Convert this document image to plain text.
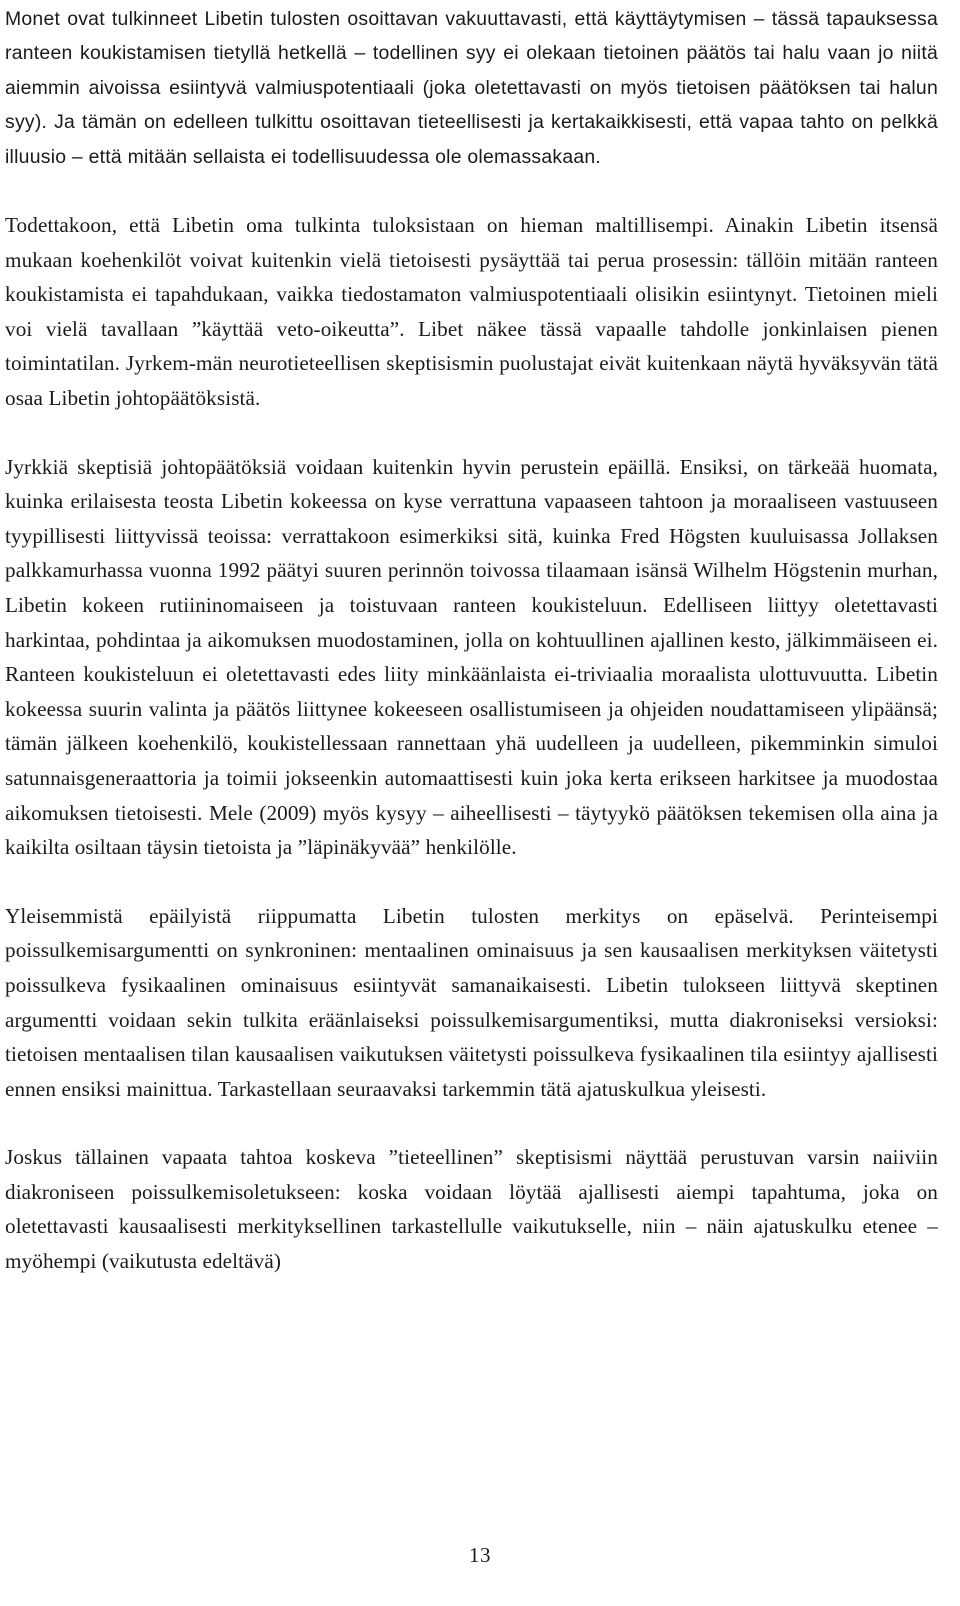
Monet ovat tulkinneet Libetin tulosten osoittavan vakuuttavasti, että käyttäytymisen – tässä tapauksessa ranteen koukistamisen tietyllä hetkellä – todellinen syy ei olekaan tietoinen päätös tai halu vaan jo niitä aiemmin aivoissa esiintyvä valmiuspotentiaali (joka oletettavasti on myös tietoisen päätöksen tai halun syy). Ja tämän on edelleen tulkittu osoittavan tieteellisesti ja kertakaikkisesti, että vapaa tahto on pelkkä illuusio – että mitään sellaista ei todellisuudessa ole olemassakaan.

Todettakoon, että Libetin oma tulkinta tuloksistaan on hieman maltillisempi. Ainakin Libetin itsensä mukaan koehenkilöt voivat kuitenkin vielä tietoisesti pysäyttää tai perua prosessin: tällöin mitään ranteen koukistamista ei tapahdukaan, vaikka tiedostamaton valmiuspotentiaali olisikin esiintynyt. Tietoinen mieli voi vielä tavallaan ”käyttää veto-oikeutta”. Libet näkee tässä vapaalle tahdolle jonkinlaisen pienen toimintatilan. Jyrkem-män neurotieteellisen skeptisismin puolustajat eivät kuitenkaan näytä hyväksyvän tätä osaa Libetin johtopäätöksistä.

Jyrkkiä skeptisiä johtopäätöksiä voidaan kuitenkin hyvin perustein epäillä. Ensiksi, on tärkeää huomata, kuinka erilaisesta teosta Libetin kokeessa on kyse verrattuna vapaaseen tahtoon ja moraaliseen vastuuseen tyypillisesti liittyvissä teoissa: verrattakoon esimerkiksi sitä, kuinka Fred Högsten kuuluisassa Jollaksen palkkamurhassa vuonna 1992 päätyi suuren perinnön toivossa tilaamaan isänsä Wilhelm Högstenin murhan, Libetin kokeen rutiininomaiseen ja toistuvaan ranteen koukisteluun. Edelliseen liittyy oletettavasti harkintaa, pohdintaa ja aikomuksen muodostaminen, jolla on kohtuullinen ajallinen kesto, jälkimmäiseen ei. Ranteen koukisteluun ei oletettavasti edes liity minkäänlaista ei-triviaalia moraalista ulottuvuutta. Libetin kokeessa suurin valinta ja päätös liittynee kokeeseen osallistumiseen ja ohjeiden noudattamiseen ylipäänsä; tämän jälkeen koehenkilö, koukistellessaan rannettaan yhä uudelleen ja uudelleen, pikemminkin simuloi satunnaisgeneraattoria ja toimii jokseenkin automaattisesti kuin joka kerta erikseen harkitsee ja muodostaa aikomuksen tietoisesti. Mele (2009) myös kysyy – aiheellisesti – täytyykö päätöksen tekemisen olla aina ja kaikilta osiltaan täysin tietoista ja ”läpinäkyvää” henkilölle.

Yleisemmistä epäilyistä riippumatta Libetin tulosten merkitys on epäselvä. Perinteisempi poissulkemisargumentti on synkroninen: mentaalinen ominaisuus ja sen kausaalisen merkityksen väitetysti poissulkeva fysikaalinen ominaisuus esiintyvät samanaikaisesti. Libetin tulokseen liittyvä skeptinen argumentti voidaan sekin tulkita eräänlaiseksi poissulkemisargumentiksi, mutta diakroniseksi versioksi: tietoisen mentaalisen tilan kausaalisen vaikutuksen väitetysti poissulkeva fysikaalinen tila esiintyy ajallisesti ennen ensiksi mainittua. Tarkastellaan seuraavaksi tarkemmin tätä ajatuskulkua yleisesti.

Joskus tällainen vapaata tahtoa koskeva ”tieteellinen” skeptisismi näyttää perustuvan varsin naiiviin diakroniseen poissulkemisoletukseen: koska voidaan löytää ajallisesti aiempi tapahtuma, joka on oletettavasti kausaalisesti merkityksellinen tarkastellulle vaikutukselle, niin – näin ajatuskulku etenee – myöhempi (vaikutusta edeltävä)

13
